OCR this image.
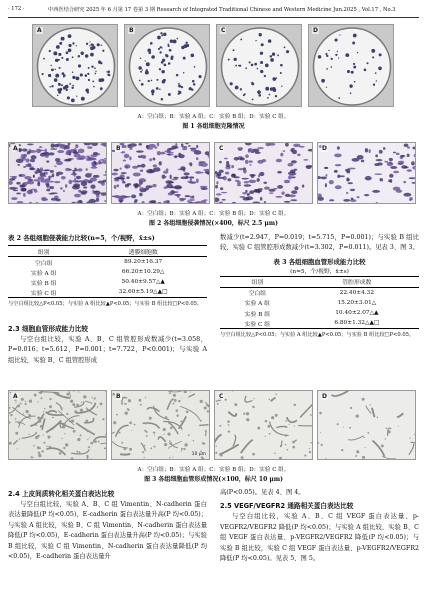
· 172 ·	中西医结合研究 2025 年 6 月第 17 卷第 3 期 Research of Integrated Traditional Chinese and Western Medicine Jun.2025 , Vol.17 , No.3
A	B	C	D
A：空白组；B：实验 A 组；C：实验 B 组；D：实验 C 组。
图 1 各组细胞克隆情况
A	B	C	D
A：空白组；B：实验 A 组；C：实验 B 组；D：实验 C 组。
图 2 各组细胞侵袭情况(×400，标尺 2.5 μm)
表 2 各组细胞侵袭能力比较(n=5，个/视野，x̄±s)
组别	透膜细胞数
空白组	89.20±16.37
实验 A 组	66.20±10.29△
实验 B 组	50.40±9.57△▲
实验 C 组	32.60±5.19△▲□
与空白组比较△P<0.05；与实验 A 组比较▲P<0.05；与实验 B 组比较□P<0.05。
2.3 细胞血管形成能力比较
与空白组比较，实验 A、B、C 组管腔形成数减少(t=3.058，P=0.016；t=5.612，P=0.001；t=7.722，P<0.001)；与实验 A 组比较，实验 B、C 组管腔形成
数减少(t=2.947，P=0.019；t=5.715，P=0.001)；与实验 B 组比较，实验 C 组管腔形成数减少(t=3.302，P=0.011)。见表 3、图 3。
表 3 各组细胞血管形成能力比较
(n=5，个/视野，x̄±s)
组别	管腔形成数
空白组	22.40±4.32
实验 A 组	15.20±3.01△
实验 B 组	10.40±2.07△▲
实验 C 组	6.80±1.32△▲□
与空白组比较△P<0.05；与实验 A 组比较▲P<0.05；与实验 B 组比较□P<0.05。
A	B
10 μm
C	D
A：空白组；B：实验 A 组；C：实验 B 组；D：实验 C 组。
图 3 各组细胞血管形成情况(×100，标尺 10 μm)
2.4 上皮间质转化相关蛋白表达比较
与空白组比较，实验 A、B、C 组 Vimentin、N-cadherin 蛋白表达量降低(P 均<0.05)，E-cadherin 蛋白表达量升高(P 均<0.05)；与实验 A 组比较，实验 B、C 组 Vimentin、N-cadherin 蛋白表达量降低(P 均<0.05)，E-cadherin 蛋白表达量升高(P 均<0.05)；与实验 B 组比较，实验 C 组 Vimentin、N-cadherin 蛋白表达量降低(P 均<0.05)，E-cadherin 蛋白表达量升
高(P<0.05)。见表 4、图 4。
2.5 VEGF/VEGFR2 通路相关蛋白表达比较
与空白组比较，实验 A、B、C 组 VEGF 蛋白表达量、p-VEGFR2/VEGFR2 降低(P 均<0.05)；与实验 A 组比较，实验 B、C 组 VEGF 蛋白表达量、p-VEGFR2/VEGFR2 降低(P 均<0.05)；与实验 B 组比较，实验 C 组 VEGF 蛋白表达量、p-VEGFR2/VEGFR2 降低(P 均<0.05)。见表 5、图 5。
